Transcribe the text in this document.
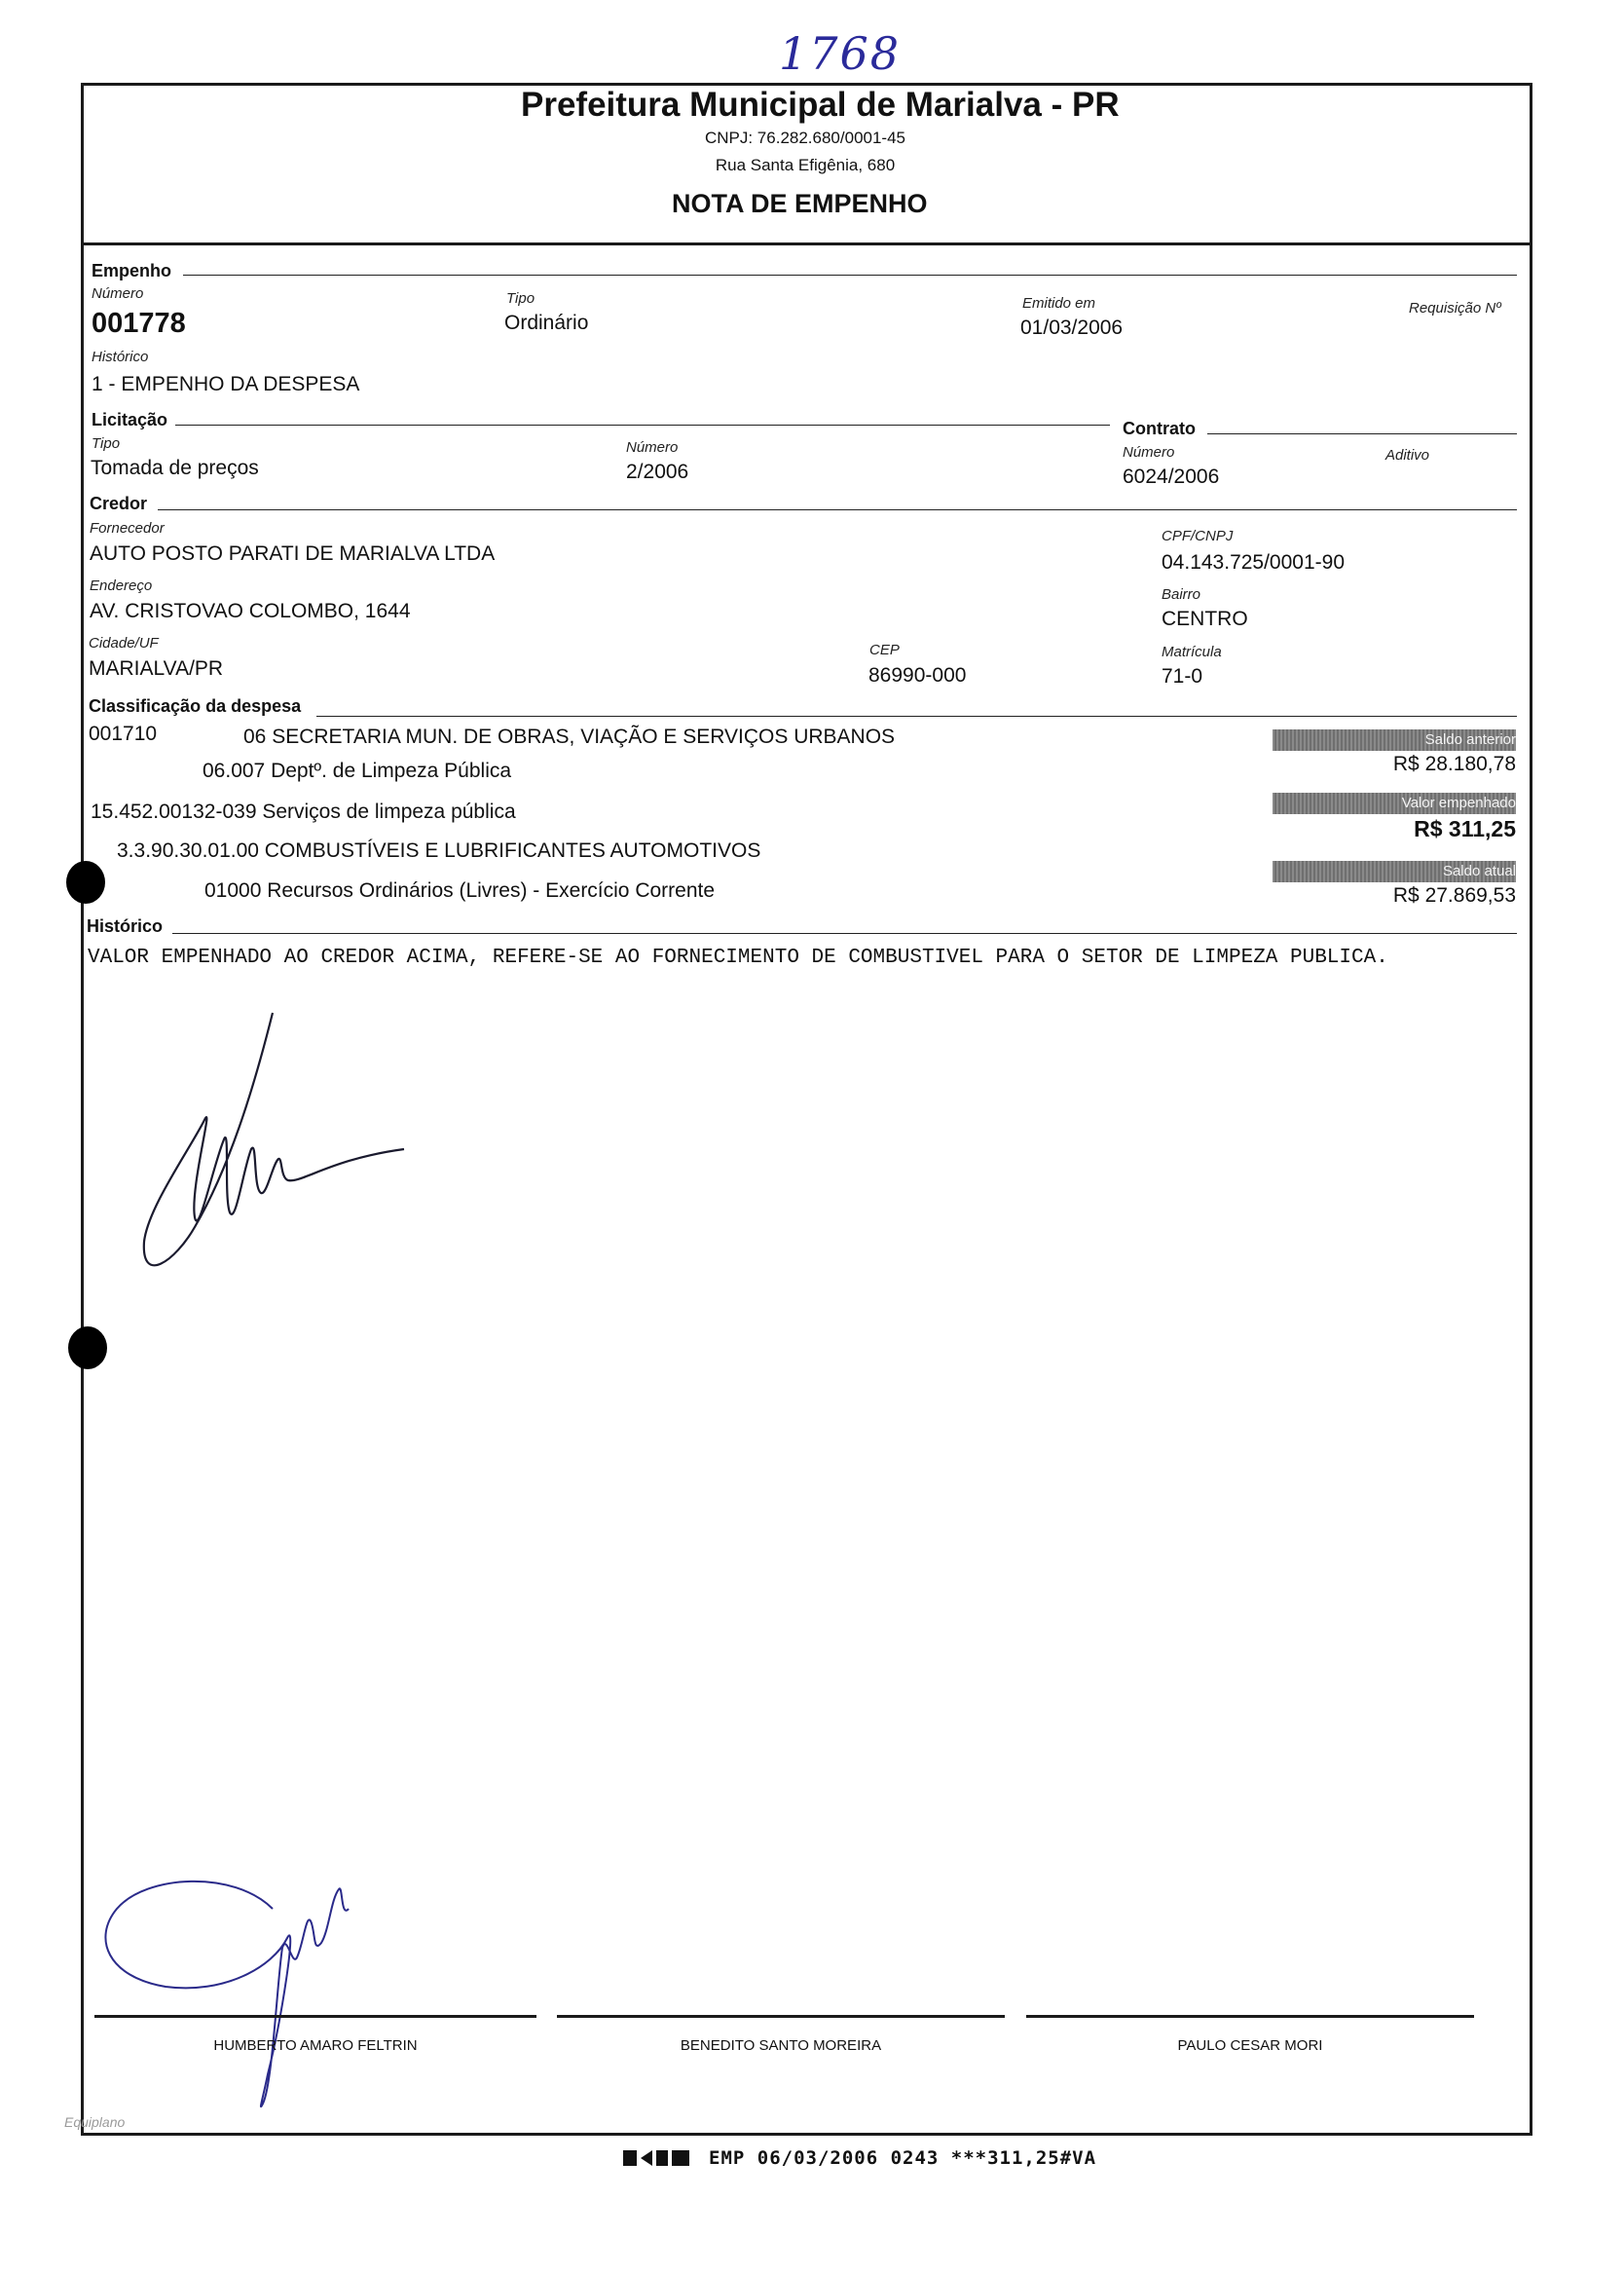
1768
Prefeitura Municipal de Marialva - PR
CNPJ: 76.282.680/0001-45
Rua Santa Efigênia, 680
NOTA DE EMPENHO
Empenho
Número
001778
Tipo
Ordinário
Emitido em
01/03/2006
Requisição Nº
Histórico
1 - EMPENHO DA DESPESA
Licitação
Tipo
Tomada de preços
Número
2/2006
Contrato
Número
6024/2006
Aditivo
Credor
Fornecedor
AUTO POSTO PARATI DE MARIALVA LTDA
CPF/CNPJ
04.143.725/0001-90
Endereço
AV. CRISTOVAO COLOMBO, 1644
Bairro
CENTRO
Cidade/UF
MARIALVA/PR
CEP
86990-000
Matrícula
71-0
Classificação da despesa
001710	06 SECRETARIA MUN. DE OBRAS, VIAÇÃO E SERVIÇOS URBANOS
06.007 Deptº. de Limpeza Pública
15.452.00132-039 Serviços de limpeza pública
3.3.90.30.01.00 COMBUSTÍVEIS E LUBRIFICANTES AUTOMOTIVOS
01000 Recursos Ordinários (Livres) - Exercício Corrente
Saldo anterior
R$ 28.180,78
Valor empenhado
R$ 311,25
Saldo atual
R$ 27.869,53
Histórico
VALOR EMPENHADO AO CREDOR ACIMA, REFERE-SE AO FORNECIMENTO DE COMBUSTIVEL PARA O SETOR DE LIMPEZA PUBLICA.
HUMBERTO AMARO FELTRIN	BENEDITO SANTO MOREIRA	PAULO CESAR MORI
Equiplano
EMP 06/03/2006 0243 ***311,25#VA
